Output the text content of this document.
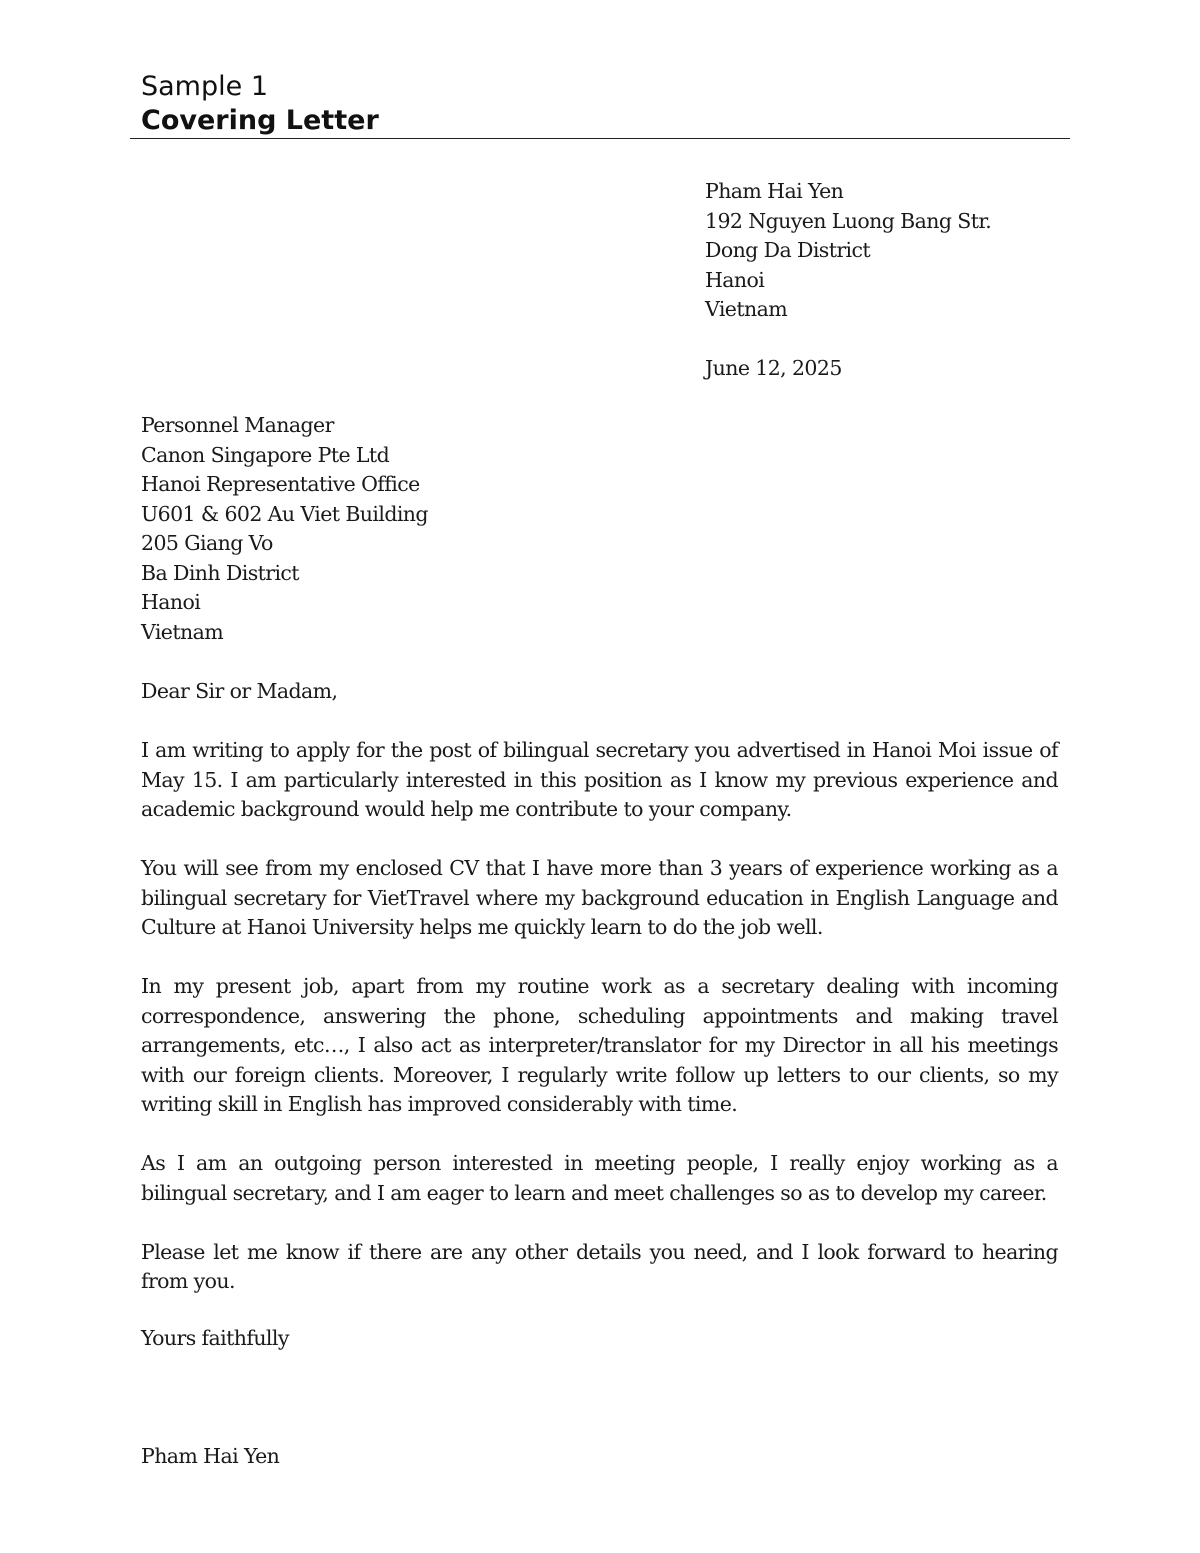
Sample 1
Covering Letter
Pham Hai Yen
192 Nguyen Luong Bang Str.
Dong Da District
Hanoi
Vietnam
June 12, 2025
Personnel Manager
Canon Singapore Pte Ltd
Hanoi Representative Office
U601 & 602 Au Viet Building
205 Giang Vo
Ba Dinh District
Hanoi
Vietnam
Dear Sir or Madam,

I am writing to apply for the post of bilingual secretary you advertised in Hanoi Moi issue of May 15. I am particularly interested in this position as I know my previous experience and academic background would help me contribute to your company.

You will see from my enclosed CV that I have more than 3 years of experience working as a bilingual secretary for VietTravel where my background education in English Language and Culture at Hanoi University helps me quickly learn to do the job well.

In my present job, apart from my routine work as a secretary dealing with incoming correspondence, answering the phone, scheduling appointments and making travel arrangements, etc…, I also act as interpreter/translator for my Director in all his meetings with our foreign clients. Moreover, I regularly write follow up letters to our clients, so my writing skill in English has improved considerably with time.

As I am an outgoing person interested in meeting people, I really enjoy working as a bilingual secretary, and I am eager to learn and meet challenges so as to develop my career.

Please let me know if there are any other details you need, and I look forward to hearing from you.

Yours faithfully
Pham Hai Yen
